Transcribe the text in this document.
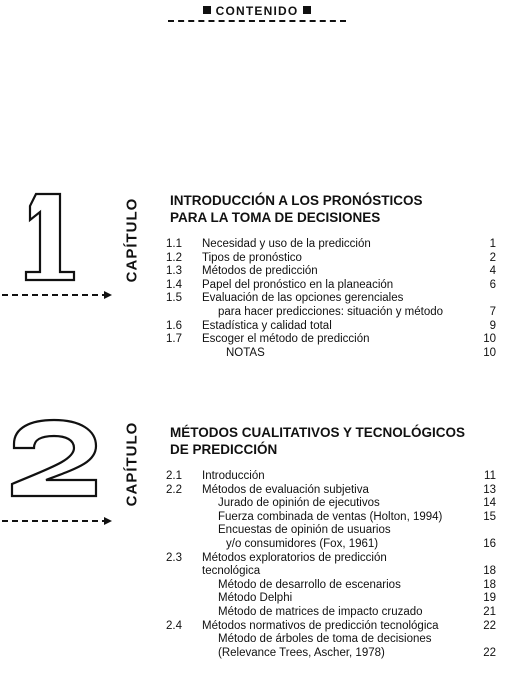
CONTENIDO
CAPÍTULO INTRODUCCIÓN A LOS PRONÓSTICOS
PARA LA TOMA DE DECISIONES
1.1	Necesidad y uso de la predicción	1
1.2	Tipos de pronóstico	2
1.3	Métodos de predicción	4
1.4	Papel del pronóstico en la planeación	6
1.5	Evaluación de las opciones gerenciales
para hacer predicciones: situación y método	7
1.6	Estadística y calidad total	9
1.7	Escoger el método de predicción	10
NOTAS	10
CAPÍTULO MÉTODOS CUALITATIVOS Y TECNOLÓGICOS
DE PREDICCIÓN
2.1	Introducción	11
2.2	Métodos de evaluación subjetiva	13
Jurado de opinión de ejecutivos	14
Fuerza combinada de ventas (Holton, 1994)	15
Encuestas de opinión de usuarios
y/o consumidores (Fox, 1961)	16
2.3	Métodos exploratorios de predicción
tecnológica	18
Método de desarrollo de escenarios	18
Método Delphi	19
Método de matrices de impacto cruzado	21
2.4	Métodos normativos de predicción tecnológica	22
Método de árboles de toma de decisiones
(Relevance Trees, Ascher, 1978)	22
